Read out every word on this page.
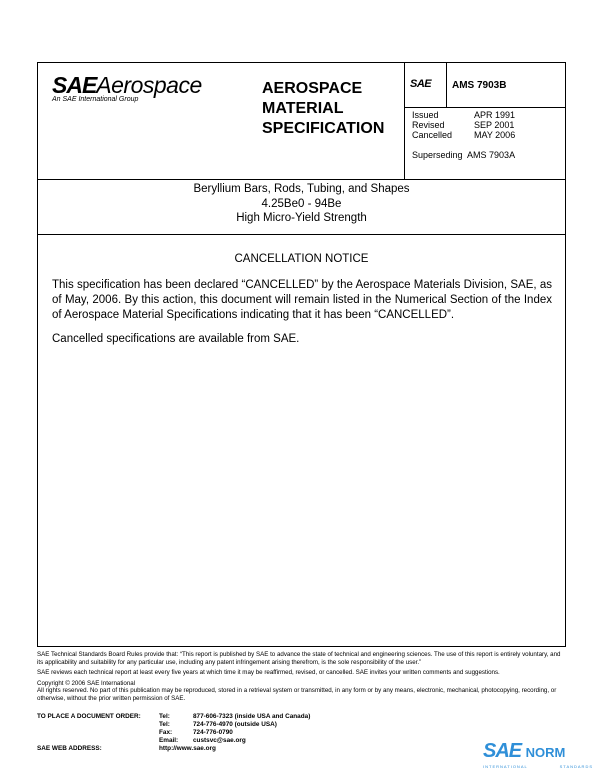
SAEAerospace
An SAE International Group
AEROSPACE
MATERIAL
SPECIFICATION
SAE AMS 7903B
Issued	APR 1991
Revised	SEP 2001
Cancelled	MAY 2006
Superseding  AMS 7903A
Beryllium Bars, Rods, Tubing, and Shapes
4.25Be0 - 94Be
High Micro-Yield Strength
CANCELLATION NOTICE
This specification has been declared “CANCELLED” by the Aerospace Materials Division, SAE, as of May, 2006. By this action, this document will remain listed in the Numerical Section of the Index of Aerospace Material Specifications indicating that it has been “CANCELLED”.
Cancelled specifications are available from SAE.

SAE Technical Standards Board Rules provide that: “This report is published by SAE to advance the state of technical and engineering sciences. The use of this report is entirely voluntary, and its applicability and suitability for any particular use, including any patent infringement arising therefrom, is the sole responsibility of the user.”

SAE reviews each technical report at least every five years at which time it may be reaffirmed, revised, or cancelled. SAE invites your written comments and suggestions.

Copyright © 2006 SAE International
All rights reserved. No part of this publication may be reproduced, stored in a retrieval system or transmitted, in any form or by any means, electronic, mechanical, photocopying, recording, or otherwise, without the prior written permission of SAE.
TO PLACE A DOCUMENT ORDER:	Tel:	877-606-7323 (inside USA and Canada)
Tel:	724-776-4970 (outside USA)
Fax:	724-776-0790
Email:	custsvc@sae.org
SAE WEB ADDRESS:	http://www.sae.org	SAE NORM
INTERNATIONAL	STANDARDS
